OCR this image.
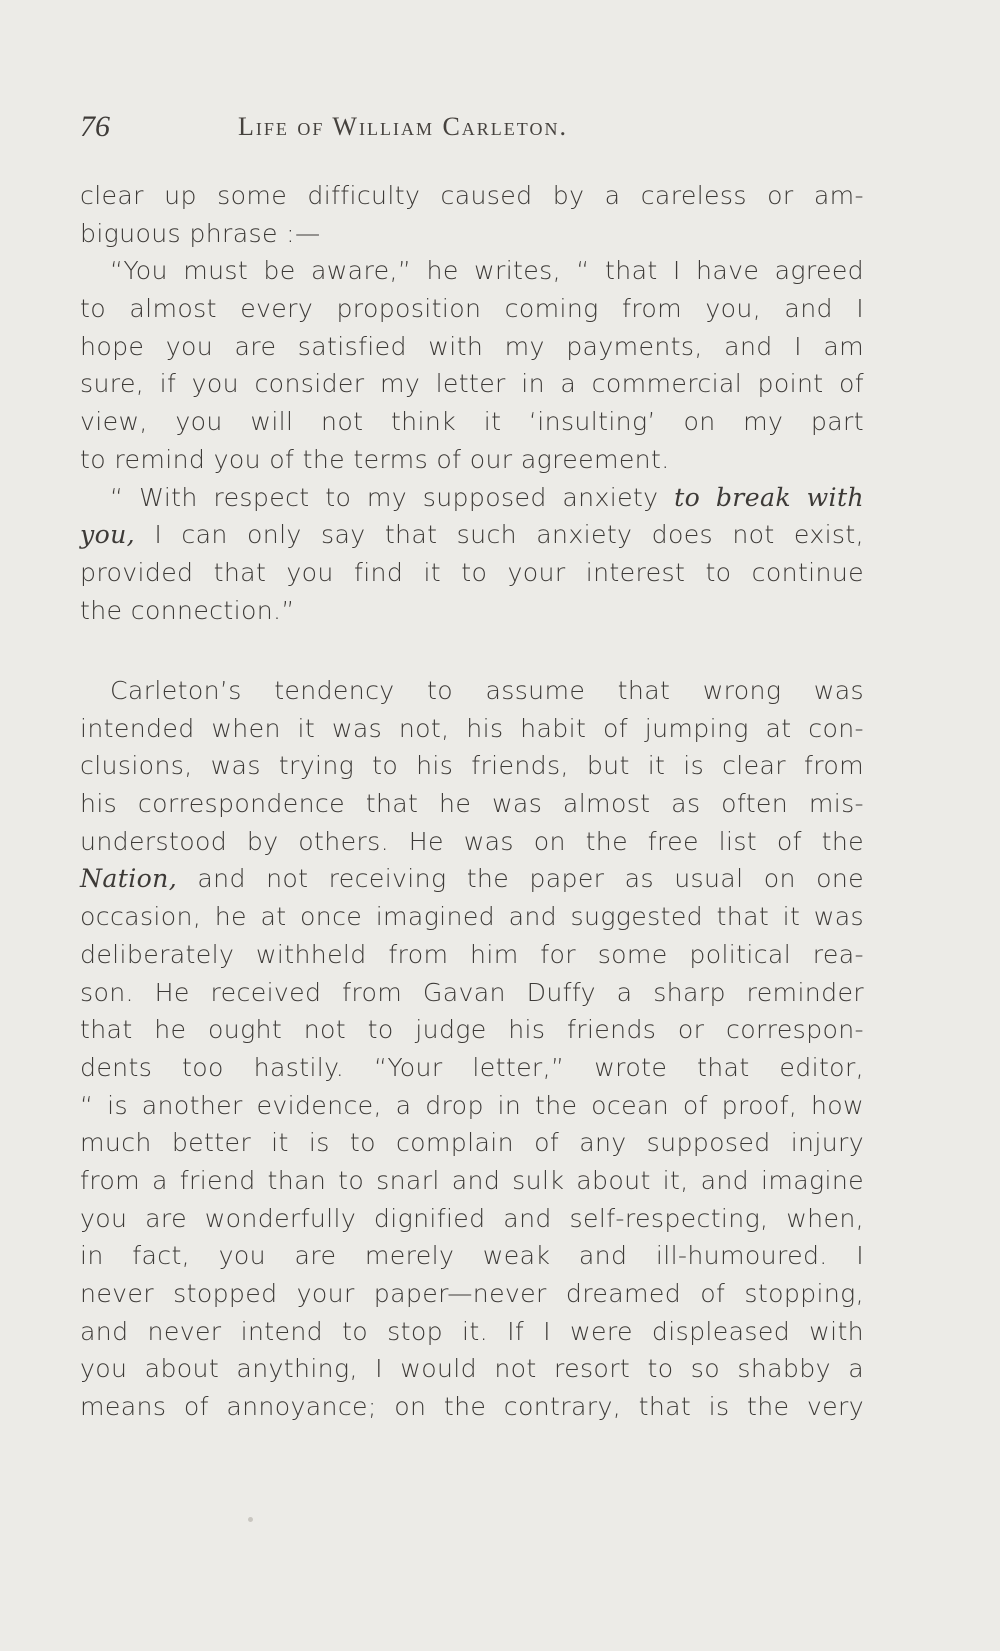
76	Life of William Carleton.
clear up some difficulty caused by a careless or am-
biguous phrase :—
“You must be aware,” he writes, “ that I have agreed
to almost every proposition coming from you, and I
hope you are satisfied with my payments, and I am
sure, if you consider my letter in a commercial point of
view, you will not think it ‘insulting’ on my part
to remind you of the terms of our agreement.
“ With respect to my supposed anxiety to break with
you, I can only say that such anxiety does not exist,
provided that you find it to your interest to continue
the connection.”
Carleton’s tendency to assume that wrong was
intended when it was not, his habit of jumping at con-
clusions, was trying to his friends, but it is clear from
his correspondence that he was almost as often mis-
understood by others. He was on the free list of the
Nation, and not receiving the paper as usual on one
occasion, he at once imagined and suggested that it was
deliberately withheld from him for some political rea-
son. He received from Gavan Duffy a sharp reminder
that he ought not to judge his friends or correspon-
dents too hastily. “Your letter,” wrote that editor,
“ is another evidence, a drop in the ocean of proof, how
much better it is to complain of any supposed injury
from a friend than to snarl and sulk about it, and imagine
you are wonderfully dignified and self-respecting, when,
in fact, you are merely weak and ill-humoured. I
never stopped your paper—never dreamed of stopping,
and never intend to stop it. If I were displeased with
you about anything, I would not resort to so shabby a
means of annoyance; on the contrary, that is the very
